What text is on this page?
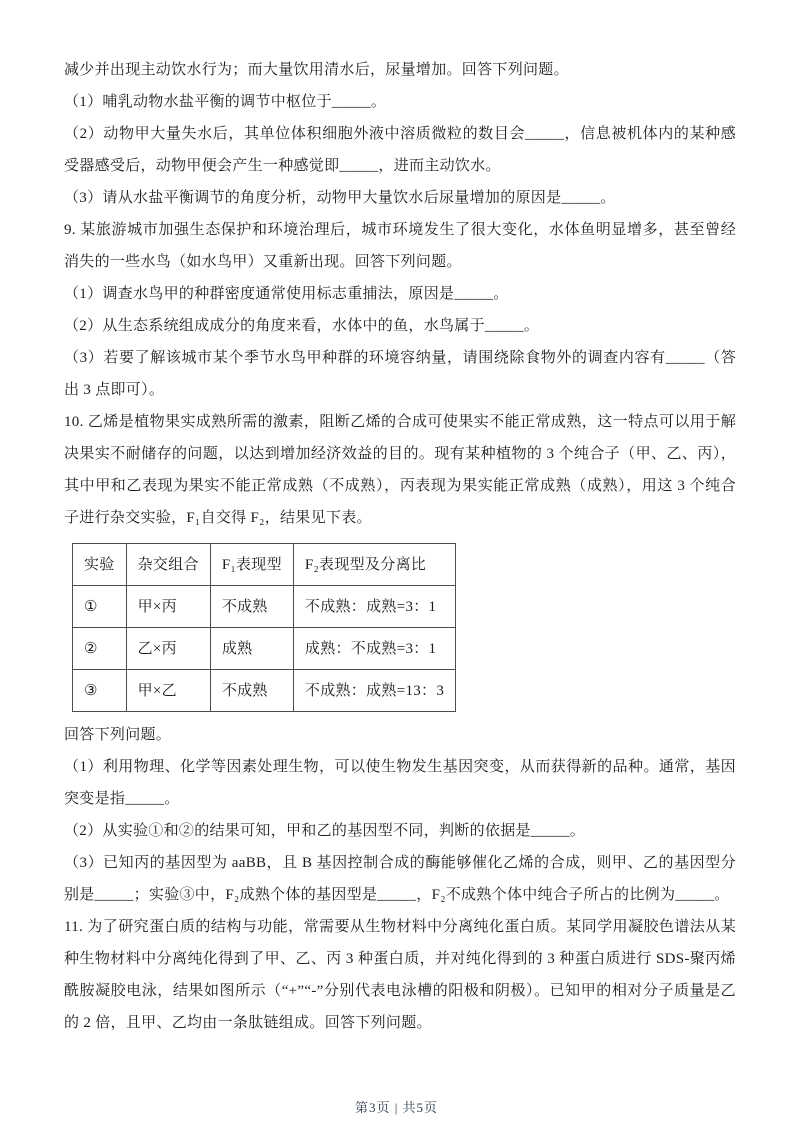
减少并出现主动饮水行为；而大量饮用清水后，尿量增加。回答下列问题。

（1）哺乳动物水盐平衡的调节中枢位于_____。

（2）动物甲大量失水后，其单位体积细胞外液中溶质微粒的数目会_____，信息被机体内的某种感受器感受后，动物甲便会产生一种感觉即_____，进而主动饮水。

（3）请从水盐平衡调节的角度分析，动物甲大量饮水后尿量增加的原因是_____。

9. 某旅游城市加强生态保护和环境治理后，城市环境发生了很大变化，水体鱼明显增多，甚至曾经消失的一些水鸟（如水鸟甲）又重新出现。回答下列问题。

（1）调查水鸟甲的种群密度通常使用标志重捕法，原因是_____。

（2）从生态系统组成成分的角度来看，水体中的鱼，水鸟属于_____。

（3）若要了解该城市某个季节水鸟甲种群的环境容纳量，请围绕除食物外的调查内容有_____（答出 3 点即可）。

10. 乙烯是植物果实成熟所需的激素，阻断乙烯的合成可使果实不能正常成熟，这一特点可以用于解决果实不耐储存的问题，以达到增加经济效益的目的。现有某种植物的 3 个纯合子（甲、乙、丙），其中甲和乙表现为果实不能正常成熟（不成熟），丙表现为果实能正常成熟（成熟），用这 3 个纯合子进行杂交实验，F₁自交得 F₂，结果见下表。

实验	杂交组合	F₁表现型	F₂表现型及分离比
①	甲×丙	不成熟	不成熟：成熟=3：1
②	乙×丙	成熟	成熟：不成熟=3：1
③	甲×乙	不成熟	不成熟：成熟=13：3

回答下列问题。

（1）利用物理、化学等因素处理生物，可以使生物发生基因突变，从而获得新的品种。通常，基因突变是指_____。

（2）从实验①和②的结果可知，甲和乙的基因型不同，判断的依据是_____。

（3）已知丙的基因型为 aaBB，且 B 基因控制合成的酶能够催化乙烯的合成，则甲、乙的基因型分别是_____；实验③中，F₂成熟个体的基因型是_____，F₂不成熟个体中纯合子所占的比例为_____。

11. 为了研究蛋白质的结构与功能，常需要从生物材料中分离纯化蛋白质。某同学用凝胶色谱法从某种生物材料中分离纯化得到了甲、乙、丙 3 种蛋白质，并对纯化得到的 3 种蛋白质进行 SDS-聚丙烯酰胺凝胶电泳，结果如图所示（“+”“-”分别代表电泳槽的阳极和阴极）。已知甲的相对分子质量是乙的 2 倍，且甲、乙均由一条肽链组成。回答下列问题。

第3页 | 共5页
